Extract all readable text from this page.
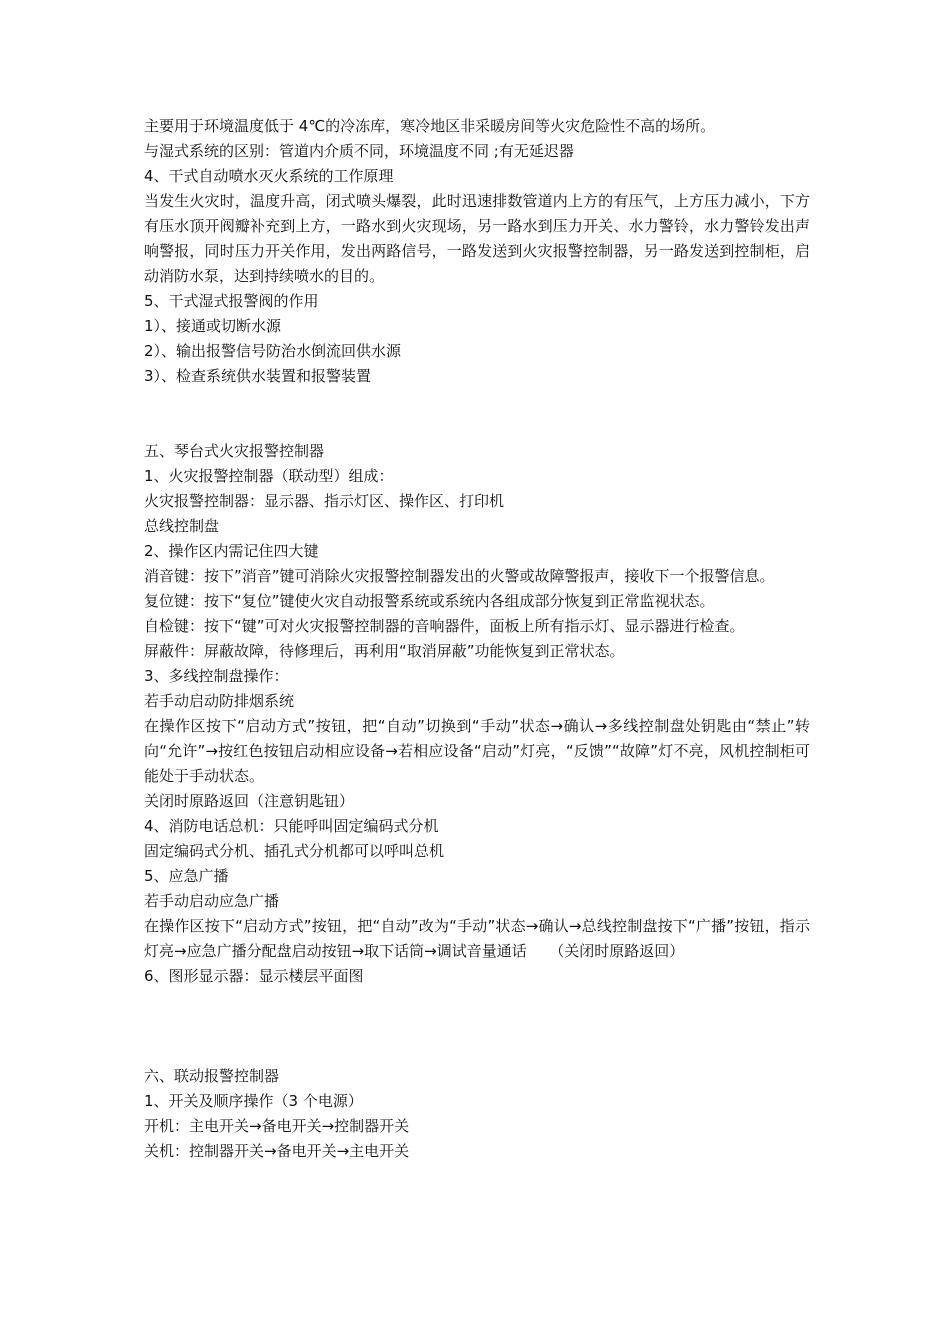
主要用于环境温度低于 4℃的冷冻库，寒冷地区非采暖房间等火灾危险性不高的场所。

与湿式系统的区别：管道内介质不同，环境温度不同 ;有无延迟器

4、干式自动喷水灭火系统的工作原理

当发生火灾时，温度升高，闭式喷头爆裂，此时迅速排数管道内上方的有压气，上方压力减小，下方有压水顶开阀瓣补充到上方，一路水到火灾现场，另一路水到压力开关、水力警铃，水力警铃发出声响警报，同时压力开关作用，发出两路信号，一路发送到火灾报警控制器，另一路发送到控制柜，启动消防水泵，达到持续喷水的目的。

5、干式湿式报警阀的作用

1）、接通或切断水源

2）、输出报警信号防治水倒流回供水源

3）、检查系统供水装置和报警装置

五、琴台式火灾报警控制器

1、火灾报警控制器（联动型）组成：

火灾报警控制器：显示器、指示灯区、操作区、打印机

总线控制盘

2、操作区内需记住四大键

消音键：按下”消音”键可消除火灾报警控制器发出的火警或故障警报声，接收下一个报警信息。

复位键：按下“复位”键使火灾自动报警系统或系统内各组成部分恢复到正常监视状态。

自检键：按下“键”可对火灾报警控制器的音响器件，面板上所有指示灯、显示器进行检查。

屏蔽件：屏蔽故障，待修理后，再利用“取消屏蔽”功能恢复到正常状态。

3、多线控制盘操作：

若手动启动防排烟系统

在操作区按下“启动方式”按钮，把“自动”切换到“手动”状态→确认→多线控制盘处钥匙由“禁止”转向“允许”→按红色按钮启动相应设备→若相应设备“启动”灯亮，“反馈”“故障”灯不亮，风机控制柜可能处于手动状态。

关闭时原路返回（注意钥匙钮）

4、消防电话总机：只能呼叫固定编码式分机

固定编码式分机、插孔式分机都可以呼叫总机

5、应急广播

若手动启动应急广播

在操作区按下“启动方式”按钮，把“自动”改为“手动”状态→确认→总线控制盘按下“广播”按钮，指示灯亮→应急广播分配盘启动按钮→取下话筒→调试音量通话　　（关闭时原路返回）

6、图形显示器：显示楼层平面图

六、联动报警控制器

1、开关及顺序操作（3 个电源）

开机：主电开关→备电开关→控制器开关

关机：控制器开关→备电开关→主电开关
